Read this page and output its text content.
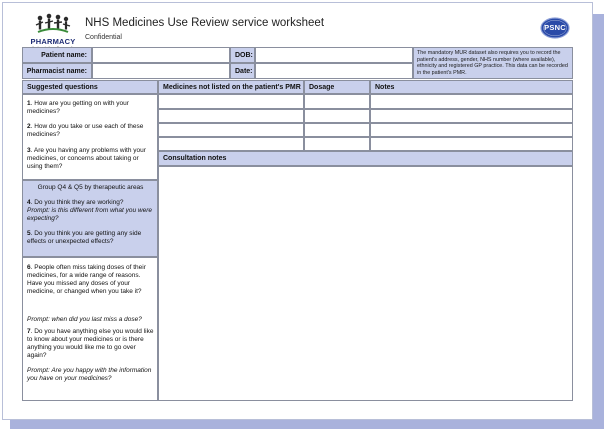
PHARMACY
NHS Medicines Use Review service worksheet
Confidential
PSNC
Patient name:	DOB:
Pharmacist name:	Date:
The mandatory MUR dataset also requires you to record the patient's address, gender, NHS number (where available), ethnicity and registered GP practice. This data can be recorded in the patient's PMR.
Suggested questions
1. How are you getting on with your medicines?
2. How do you take or use each of these medicines?
3. Are you having any problems with your medicines, or concerns about taking or using them?
Group Q4 & Q5 by therapeutic areas
4. Do you think they are working?
Prompt: is this different from what you were expecting?
5. Do you think you are getting any side effects or unexpected effects?
6. People often miss taking doses of their medicines, for a wide range of reasons. Have you missed any doses of your medicine, or changed when you take it?
Prompt: when did you last miss a dose?
7. Do you have anything else you would like to know about your medicines or is there anything you would like me to go over again?
Prompt: Are you happy with the information you have on your medicines?
Medicines not listed on the patient's PMR	Dosage	Notes
Consultation notes
